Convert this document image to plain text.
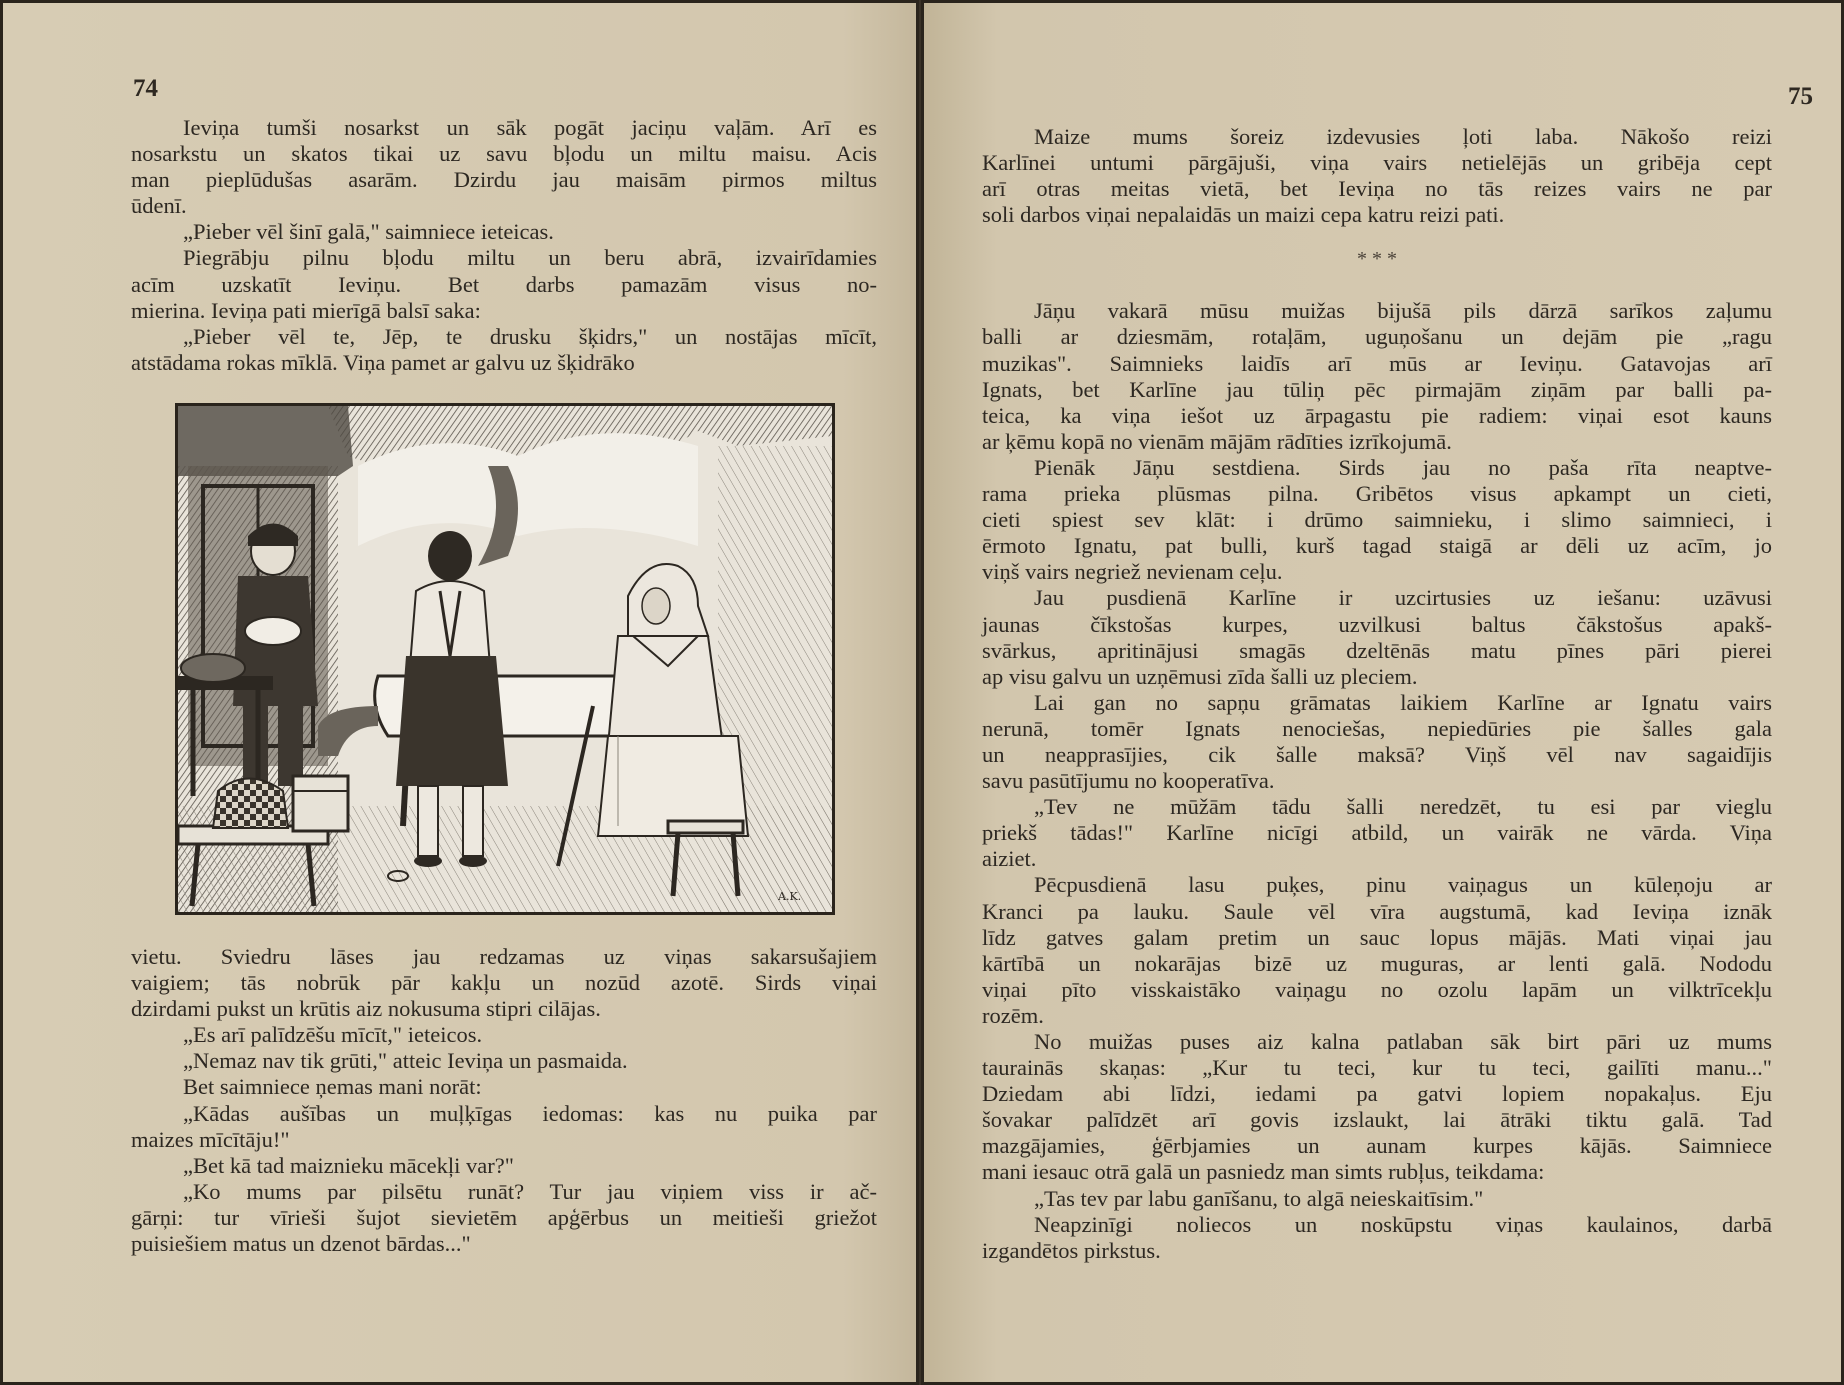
74

Ieviņa tumši nosarkst un sāk pogāt jaciņu vaļām. Arī es
nosarkstu un skatos tikai uz savu bļodu un miltu maisu. Acis
man pieplūdušas asarām. Dzirdu jau maisām pirmos miltus
ūdenī.

„Pieber vēl šinī galā," saimniece ieteicas.

Piegrābju pilnu bļodu miltu un beru abrā, izvairīdamies
acīm uzskatīt Ieviņu. Bet darbs pamazām visus no-
mierina. Ieviņa pati mierīgā balsī saka:

„Pieber vēl te, Jēp, te drusku šķidrs," un nostājas mīcīt,
atstādama rokas mīklā. Viņa pamet ar galvu uz šķidrāko

A.K.

vietu. Sviedru lāses jau redzamas uz viņas sakarsušajiem
vaigiem; tās nobrūk pār kakļu un nozūd azotē. Sirds viņai
dzirdami pukst un krūtis aiz nokusuma stipri cilājas.

„Es arī palīdzēšu mīcīt," ieteicos.

„Nemaz nav tik grūti," atteic Ieviņa un pasmaida.

Bet saimniece ņemas mani norāt:

„Kādas aušības un muļķīgas iedomas: kas nu puika par
maizes mīcītāju!"

„Bet kā tad maiznieku mācekļi var?"

„Ko mums par pilsētu runāt? Tur jau viņiem viss ir ač-
gārņi: tur vīrieši šujot sievietēm apģērbus un meitieši griežot
puisiešiem matus un dzenot bārdas..."

75

Maize mums šoreiz izdevusies ļoti laba. Nākošo reizi
Karlīnei untumi pārgājuši, viņa vairs netielējās un gribēja cept
arī otras meitas vietā, bet Ieviņa no tās reizes vairs ne par
soli darbos viņai nepalaidās un maizi cepa katru reizi pati.

* * *

Jāņu vakarā mūsu muižas bijušā pils dārzā sarīkos zaļumu
balli ar dziesmām, rotaļām, uguņošanu un dejām pie „ragu
muzikas". Saimnieks laidīs arī mūs ar Ieviņu. Gatavojas arī
Ignats, bet Karlīne jau tūliņ pēc pirmajām ziņām par balli pa-
teica, ka viņa iešot uz ārpagastu pie radiem: viņai esot kauns
ar ķēmu kopā no vienām mājām rādīties izrīkojumā.

Pienāk Jāņu sestdiena. Sirds jau no paša rīta neaptve-
rama prieka plūsmas pilna. Gribētos visus apkampt un cieti,
cieti spiest sev klāt: i drūmo saimnieku, i slimo saimnieci, i
ērmoto Ignatu, pat bulli, kurš tagad staigā ar dēli uz acīm, jo
viņš vairs negriež nevienam ceļu.

Jau pusdienā Karlīne ir uzcirtusies uz iešanu: uzāvusi
jaunas čīkstošas kurpes, uzvilkusi baltus čākstošus apakš-
svārkus, apritinājusi smagās dzeltēnās matu pīnes pāri pierei
ap visu galvu un uzņēmusi zīda šalli uz pleciem.

Lai gan no sapņu grāmatas laikiem Karlīne ar Ignatu vairs
nerunā, tomēr Ignats nenociešas, nepiedūries pie šalles gala
un neapprasījies, cik šalle maksā? Viņš vēl nav sagaidījis
savu pasūtījumu no kooperatīva.

„Tev ne mūžām tādu šalli neredzēt, tu esi par vieglu
priekš tādas!" Karlīne nicīgi atbild, un vairāk ne vārda. Viņa
aiziet.

Pēcpusdienā lasu puķes, pinu vaiņagus un kūleņoju ar
Kranci pa lauku. Saule vēl vīra augstumā, kad Ieviņa iznāk
līdz gatves galam pretim un sauc lopus mājās. Mati viņai jau
kārtībā un nokarājas bizē uz muguras, ar lenti galā. Nododu
viņai pīto visskaistāko vaiņagu no ozolu lapām un vilktrīcekļu
rozēm.

No muižas puses aiz kalna patlaban sāk birt pāri uz mums
taurainās skaņas: „Kur tu teci, kur tu teci, gailīti manu..."
Dziedam abi līdzi, iedami pa gatvi lopiem nopakaļus. Eju
šovakar palīdzēt arī govis izslaukt, lai ātrāki tiktu galā. Tad
mazgājamies, ģērbjamies un aunam kurpes kājās. Saimniece
mani iesauc otrā galā un pasniedz man simts rubļus, teikdama:

„Tas tev par labu ganīšanu, to algā neieskaitīsim."

Neapzinīgi noliecos un noskūpstu viņas kaulainos, darbā
izgandētos pirkstus.
